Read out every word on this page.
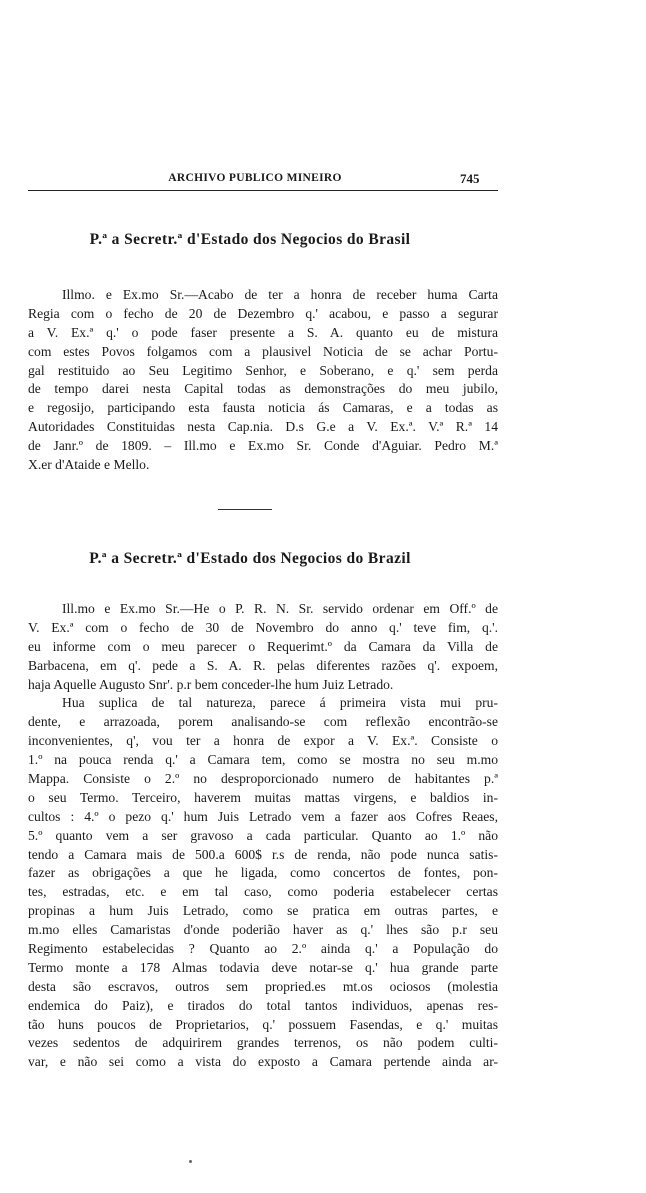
ARCHIVO PUBLICO MINEIRO	745
P.ª a Secretr.ª d'Estado dos Negocios do Brasil
Illmo. e Ex.mo Sr.—Acabo de ter a honra de receber huma Carta
Regia com o fecho de 20 de Dezembro q.' acabou, e passo a segurar
a V. Ex.ª q.' o pode faser presente a S. A. quanto eu de mistura
com estes Povos folgamos com a plausivel Noticia de se achar Portu-
gal restituido ao Seu Legitimo Senhor, e Soberano, e q.' sem perda
de tempo darei nesta Capital todas as demonstrações do meu jubilo,
e regosijo, participando esta fausta noticia ás Camaras, e a todas as
Autoridades Constituidas nesta Cap.nia. D.s G.e a V. Ex.ª. V.ª R.ª 14
de Janr.º de 1809. – Ill.mo e Ex.mo Sr. Conde d'Aguiar. Pedro M.ª
X.er d'Ataide e Mello.
P.ª a Secretr.ª d'Estado dos Negocios do Brazil
Ill.mo e Ex.mo Sr.—He o P. R. N. Sr. servido ordenar em Off.º de
V. Ex.ª com o fecho de 30 de Novembro do anno q.' teve fim, q.'.
eu informe com o meu parecer o Requerimt.º da Camara da Villa de
Barbacena, em q'. pede a S. A. R. pelas diferentes razões q'. expoem,
haja Aquelle Augusto Snr'. p.r bem conceder-lhe hum Juiz Letrado.
Hua suplica de tal natureza, parece á primeira vista mui pru-
dente, e arrazoada, porem analisando-se com reflexão encontrão-se
inconvenientes, q', vou ter a honra de expor a V. Ex.ª. Consiste o
1.º na pouca renda q.' a Camara tem, como se mostra no seu m.mo
Mappa. Consiste o 2.º no desproporcionado numero de habitantes p.ª
o seu Termo. Terceiro, haverem muitas mattas virgens, e baldios in-
cultos : 4.º o pezo q.' hum Juis Letrado vem a fazer aos Cofres Reaes,
5.º quanto vem a ser gravoso a cada particular. Quanto ao 1.º não
tendo a Camara mais de 500.a 600$ r.s de renda, não pode nunca satis-
fazer as obrigações a que he ligada, como concertos de fontes, pon-
tes, estradas, etc. e em tal caso, como poderia estabelecer certas
propinas a hum Juis Letrado, como se pratica em outras partes, e
m.mo elles Camaristas d'onde poderião haver as q.' lhes são p.r seu
Regimento estabelecidas ? Quanto ao 2.º ainda q.' a População do
Termo monte a 178 Almas todavia deve notar-se q.' hua grande parte
desta são escravos, outros sem propried.es mt.os ociosos (molestia
endemica do Paiz), e tirados do total tantos individuos, apenas res-
tão huns poucos de Proprietarios, q.' possuem Fasendas, e q.' muitas
vezes sedentos de adquirirem grandes terrenos, os não podem culti-
var, e não sei como a vista do exposto a Camara pertende ainda ar-
